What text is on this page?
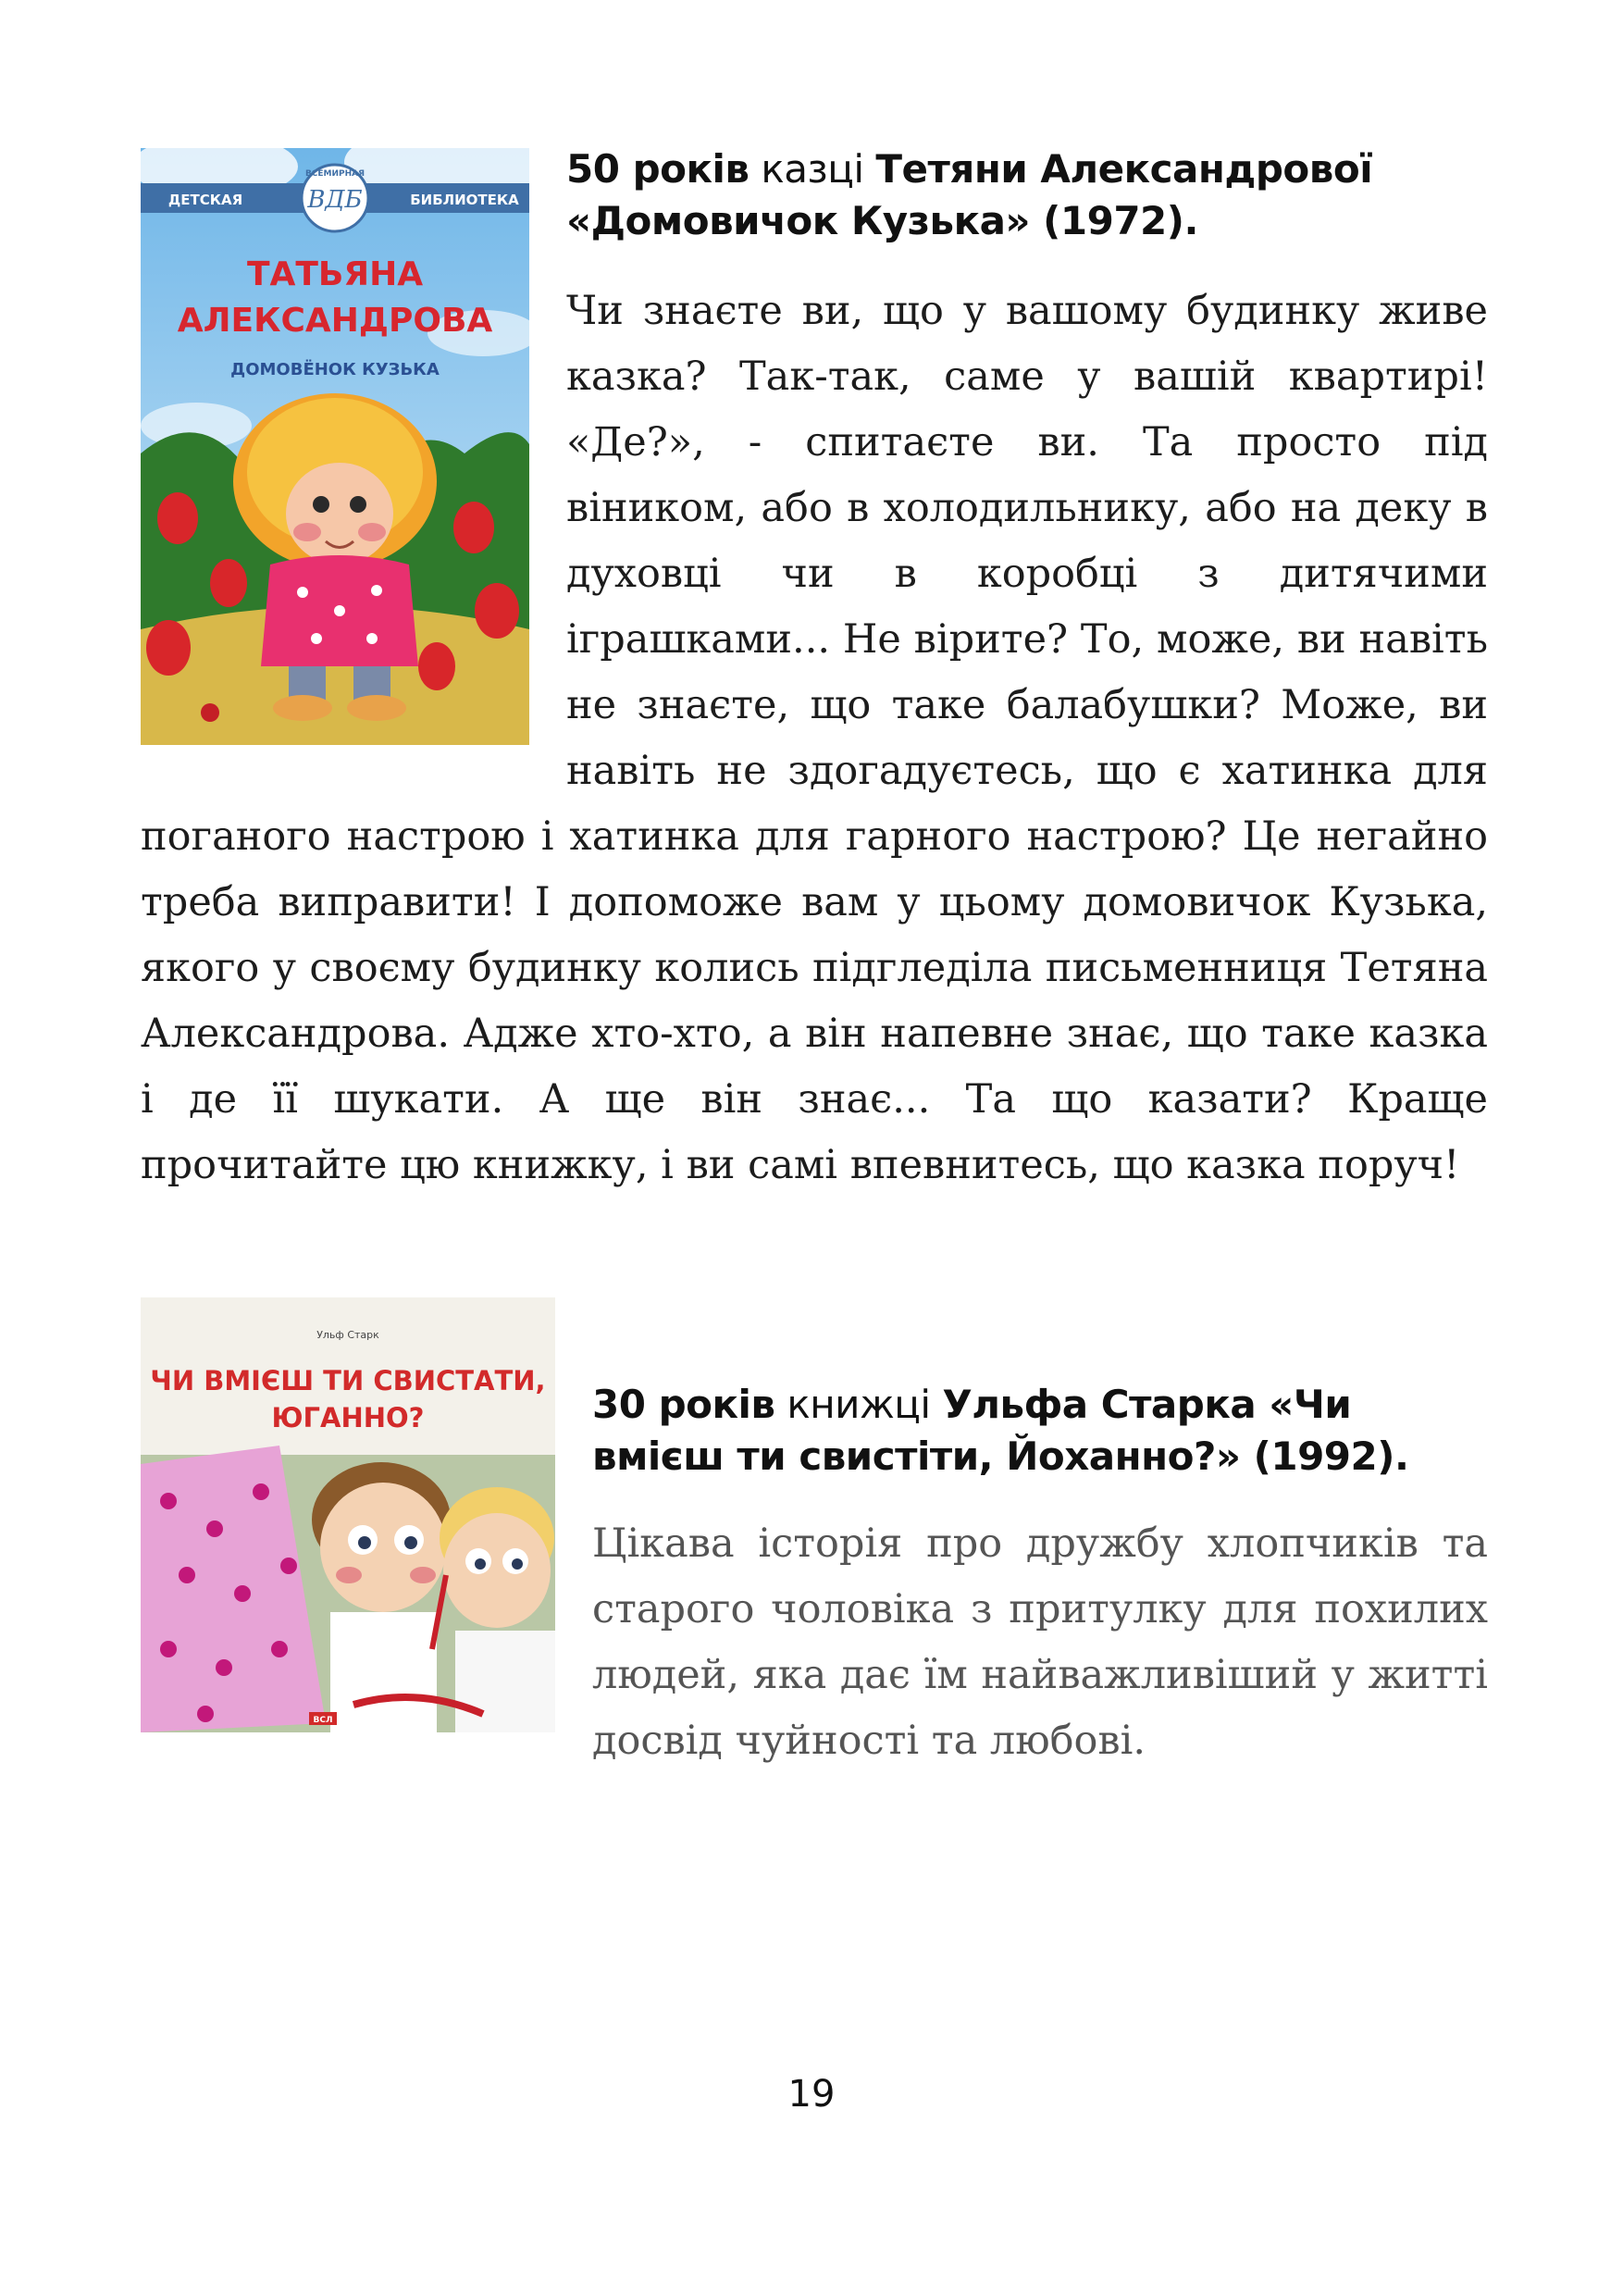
ДЕТСКАЯ	БИБЛИОТЕКА
ВСЕМИРНАЯ
ВДБ
ТАТЬЯНА
АЛЕКСАНДРОВА
ДОМОВЁНОК КУЗЬКА

50 років казці Тетяни Александрової «Домовичок Кузька» (1972).

Чи знаєте ви, що у вашому будинку живе казка? Так-так, саме у вашій квартирі! «Де?», - спитаєте ви. Та просто під віником, або в холодильнику, або на деку в духовці чи в коробці з дитячими іграшками... Не вірите? То, може, ви навіть не знаєте, що таке балабушки? Може, ви навіть не здогадуєтесь, що є хатинка для поганого настрою і хатинка для гарного настрою? Це негайно треба виправити! І допоможе вам у цьому домовичок Кузька, якого у своєму будинку колись підгледіла письменниця Тетяна Александрова. Адже хто-хто, а він напевне знає, що таке казка і де її шукати. А ще він знає... Та що казати? Краще прочитайте цю книжку, і ви самі впевнитесь, що казка поруч!

Ульф Старк
ЧИ ВМІЄШ ТИ СВИСТАТИ,
ЮГАННО?
ВСЛ

30 років книжці Ульфа Старка «Чи вмієш ти свистіти, Йоханно?» (1992).

Цікава історія про дружбу хлопчиків та старого чоловіка з притулку для похилих людей, яка дає їм найважливіший у житті досвід чуйності та любові.

19
